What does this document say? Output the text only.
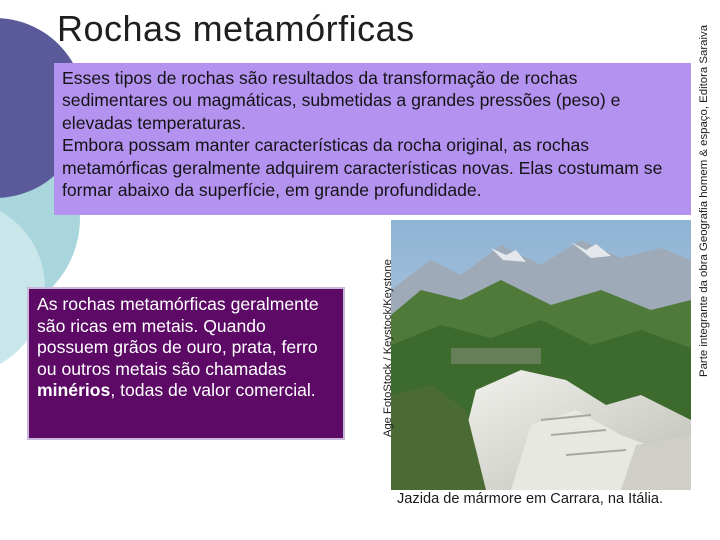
Rochas metamórficas

Esses tipos de rochas são resultados da transformação de rochas sedimentares ou magmáticas, submetidas a grandes pressões (peso) e elevadas temperaturas.

Embora possam manter características da rocha original, as rochas metamórficas geralmente adquirem características novas. Elas costumam se formar abaixo da superfície, em grande profundidade.

As rochas metamórficas geralmente são ricas em metais. Quando possuem grãos de ouro, prata, ferro ou outros metais são chamadas minérios, todas de valor comercial.
Jazida de mármore em Carrara, na Itália.
Age FotoStock / Keystock/Keystone	Parte integrante da obra Geografia homem & espaço, Editora Saraiva
